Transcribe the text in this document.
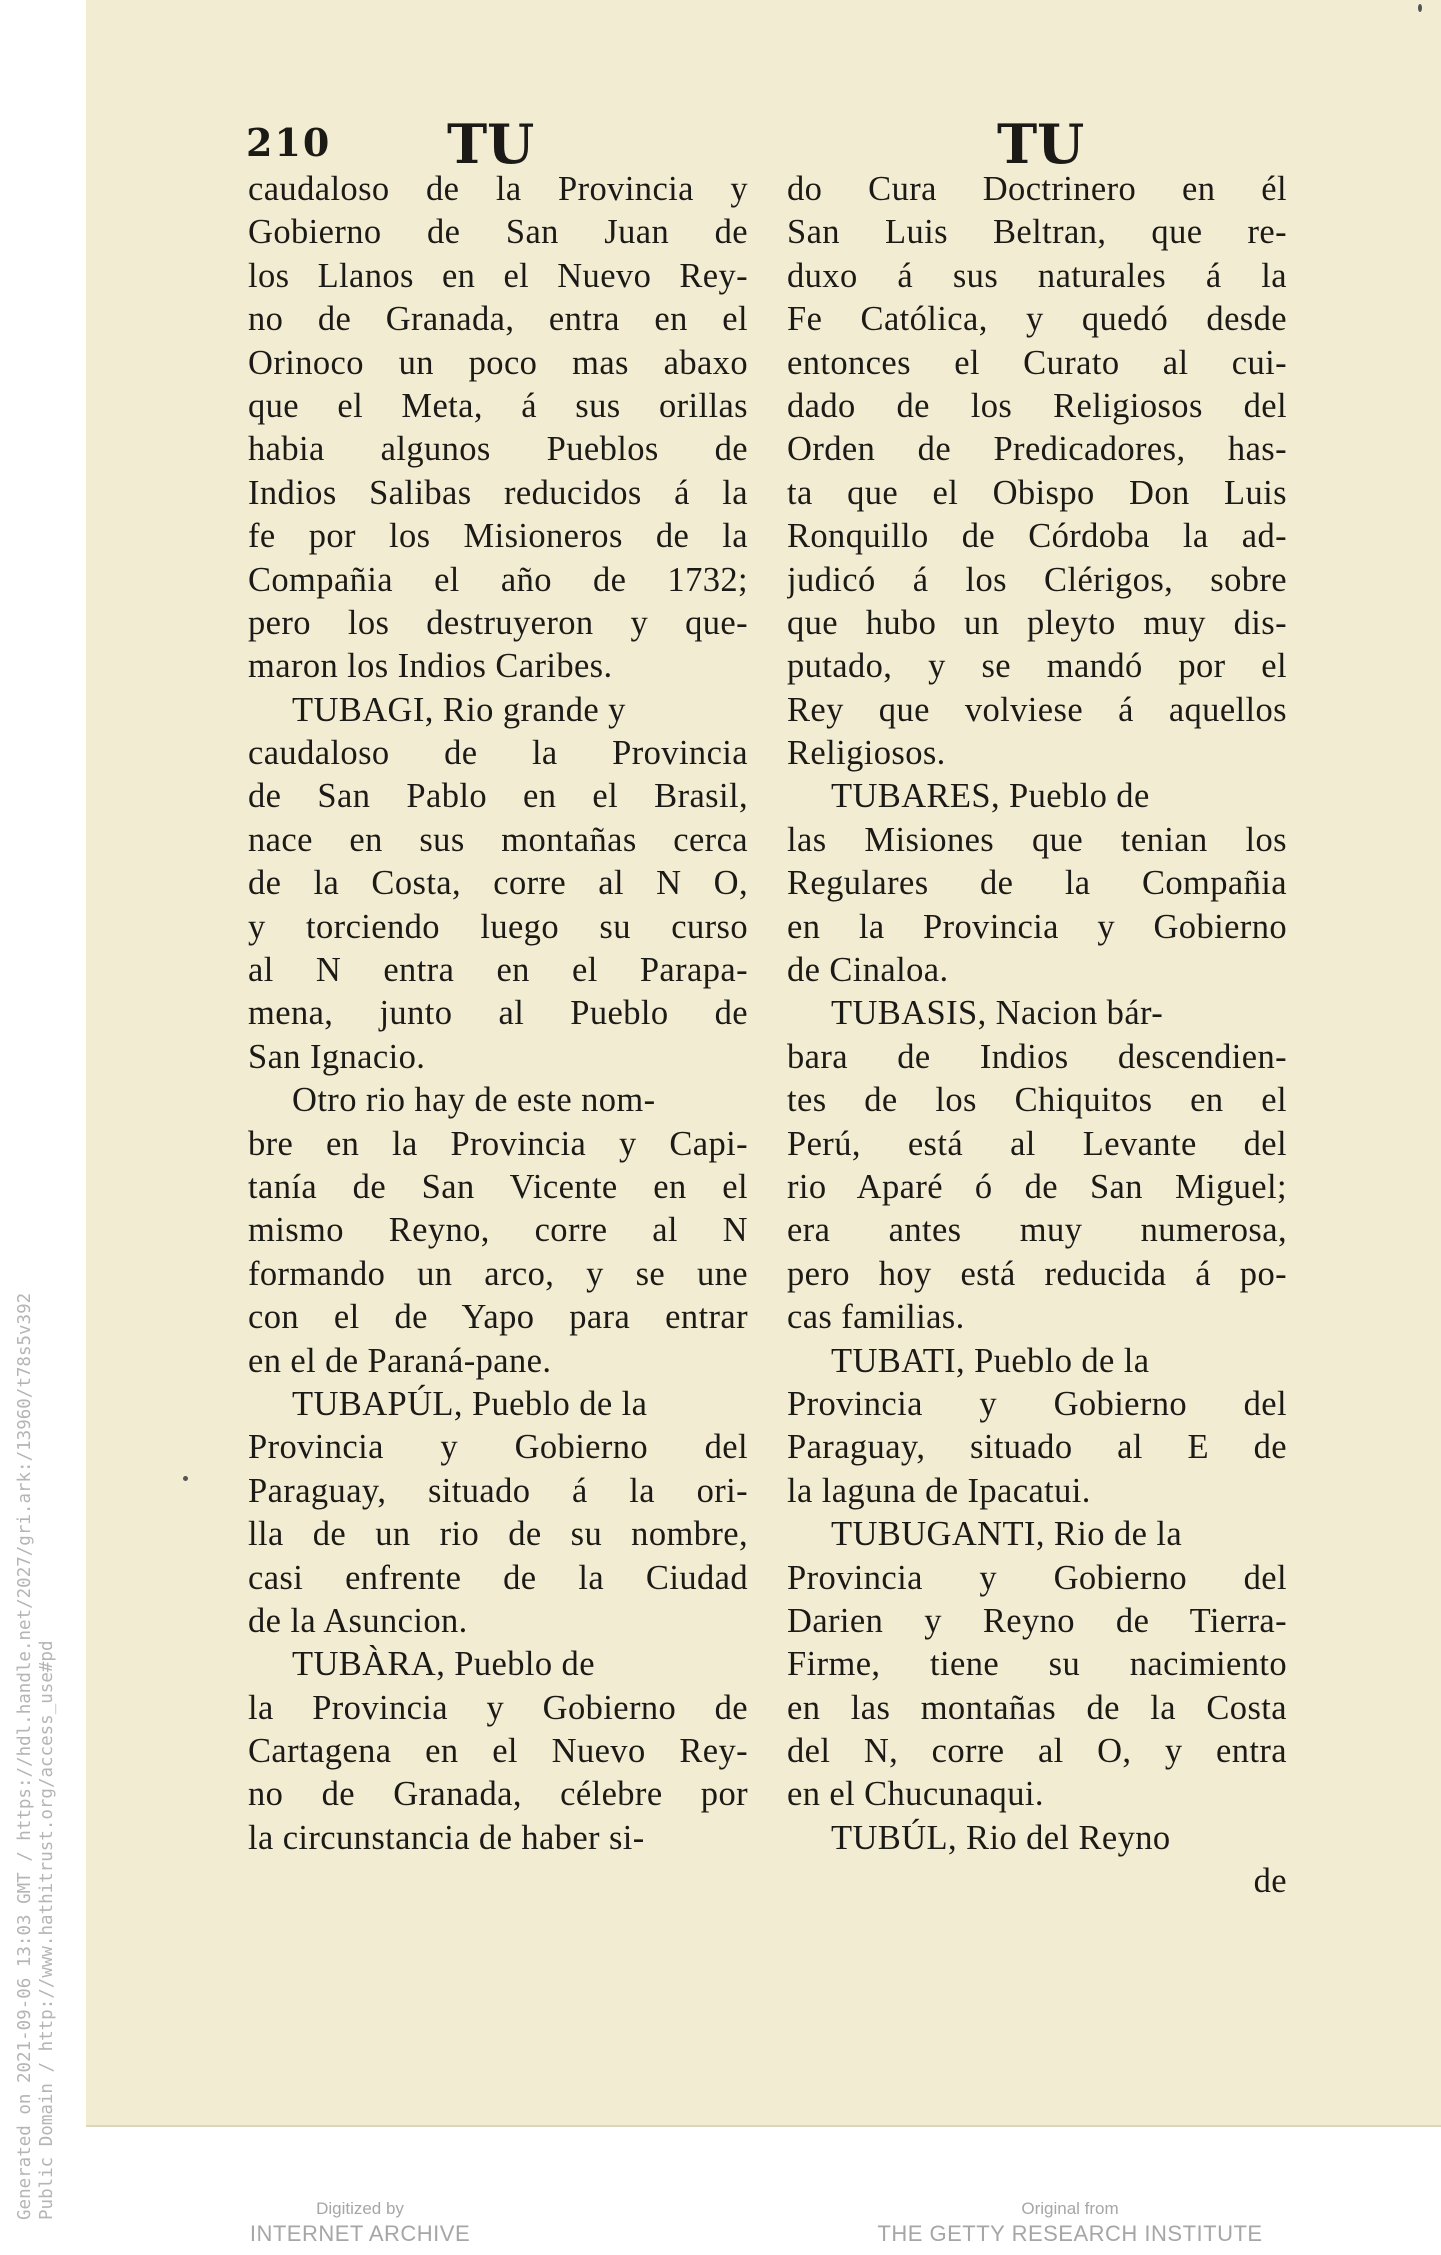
210 TU	TU
caudaloso de la Provincia y
Gobierno de San Juan de
los Llanos en el Nuevo Rey-
no de Granada, entra en el
Orinoco un poco mas abaxo
que el Meta, á sus orillas
habia algunos Pueblos de
Indios Salibas reducidos á la
fe por los Misioneros de la
Compañia el año de 1732;
pero los destruyeron y que-
maron los Indios Caribes.
TUBAGI, Rio grande y
caudaloso de la Provincia
de San Pablo en el Brasil,
nace en sus montañas cerca
de la Costa, corre al N O,
y torciendo luego su curso
al N entra en el Parapa-
mena, junto al Pueblo de
San Ignacio.
Otro rio hay de este nom-
bre en la Provincia y Capi-
tanía de San Vicente en el
mismo Reyno, corre al N
formando un arco, y se une
con el de Yapo para entrar
en el de Paraná-pane.
TUBAPÚL, Pueblo de la
Provincia y Gobierno del
Paraguay, situado á la ori-
lla de un rio de su nombre,
casi enfrente de la Ciudad
de la Asuncion.
TUBÀRA, Pueblo de
la Provincia y Gobierno de
Cartagena en el Nuevo Rey-
no de Granada, célebre por
la circunstancia de haber si-
do Cura Doctrinero en él
San Luis Beltran, que re-
duxo á sus naturales á la
Fe Católica, y quedó desde
entonces el Curato al cui-
dado de los Religiosos del
Orden de Predicadores, has-
ta que el Obispo Don Luis
Ronquillo de Córdoba la ad-
judicó á los Clérigos, sobre
que hubo un pleyto muy dis-
putado, y se mandó por el
Rey que volviese á aquellos
Religiosos.
TUBARES, Pueblo de
las Misiones que tenian los
Regulares de la Compañia
en la Provincia y Gobierno
de Cinaloa.
TUBASIS, Nacion bár-
bara de Indios descendien-
tes de los Chiquitos en el
Perú, está al Levante del
rio Aparé ó de San Miguel;
era antes muy numerosa,
pero hoy está reducida á po-
cas familias.
TUBATI, Pueblo de la
Provincia y Gobierno del
Paraguay, situado al E de
la laguna de Ipacatui.
TUBUGANTI, Rio de la
Provincia y Gobierno del
Darien y Reyno de Tierra-
Firme, tiene su nacimiento
en las montañas de la Costa
del N, corre al O, y entra
en el Chucunaqui.
TUBÚL, Rio del Reyno
de
Generated on 2021-09-06 13:03 GMT / https://hdl.handle.net/2027/gri.ark:/13960/t78s5v392 Public Domain / http://www.hathitrust.org/access_use#pd	Digitized by
INTERNET ARCHIVE
Original from
THE GETTY RESEARCH INSTITUTE
